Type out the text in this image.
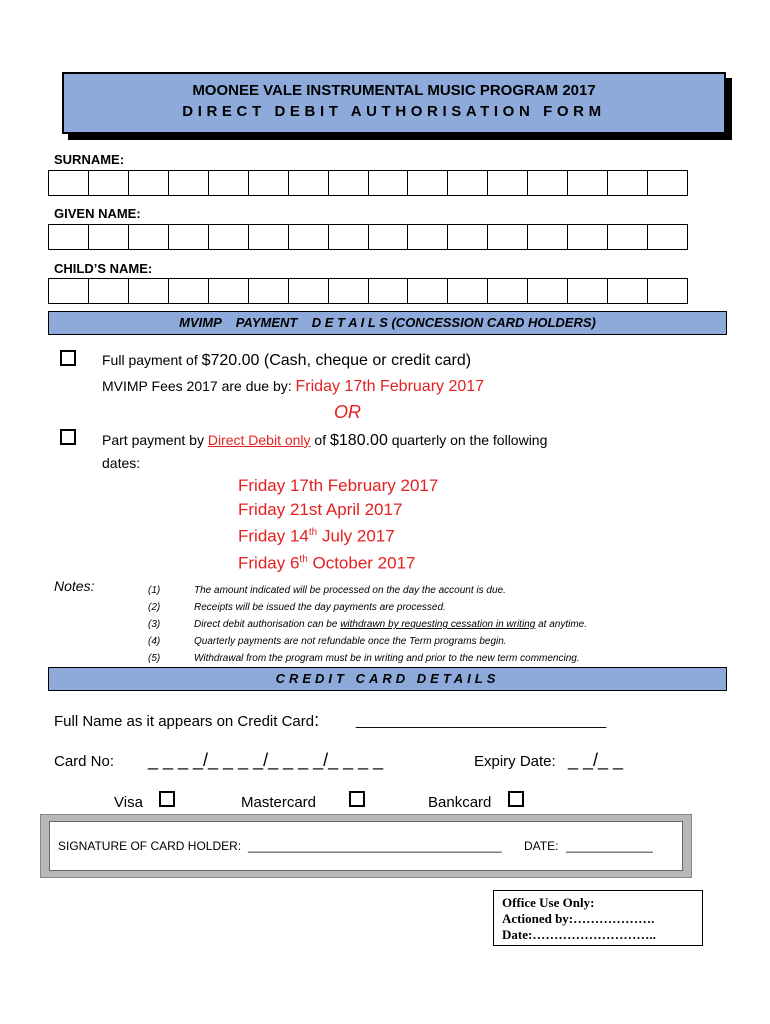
MOONEE VALE INSTRUMENTAL MUSIC PROGRAM 2017
DIRECT DEBIT AUTHORISATION FORM
SURNAME:
GIVEN NAME:
CHILD’S NAME:
MVIMP    PAYMENT    D E T A I L S (CONCESSION CARD HOLDERS)
Full payment of $720.00 (Cash, cheque or credit card)
MVIMP Fees 2017 are due by: Friday 17th February 2017
OR
Part payment by Direct Debit only of $180.00 quarterly on the following
dates:
Friday 17th February 2017
Friday 21st April 2017
Friday 14th July 2017
Friday 6th October 2017
Notes:	(1)	The amount indicated will be processed on the day the account is due.
(2)	Receipts will be issued the day payments are processed.
(3)	Direct debit authorisation can be withdrawn by requesting cessation in writing at anytime.
(4)	Quarterly payments are not refundable once the Term programs begin.
(5)	Withdrawal from the program must be in writing and prior to the new term commencing.
CREDIT CARD DETAILS
Full Name as it appears on Credit Card: ______________________________
Card No: _ _ _ _/_ _ _ _/_ _ _ _/_ _ _ _	Expiry Date: _ _/_ _
Visa	Mastercard	Bankcard
SIGNATURE OF CARD HOLDER: ______________________________________ DATE: _____________
Office Use Only:
Actioned by:……………….
Date:………………………..
